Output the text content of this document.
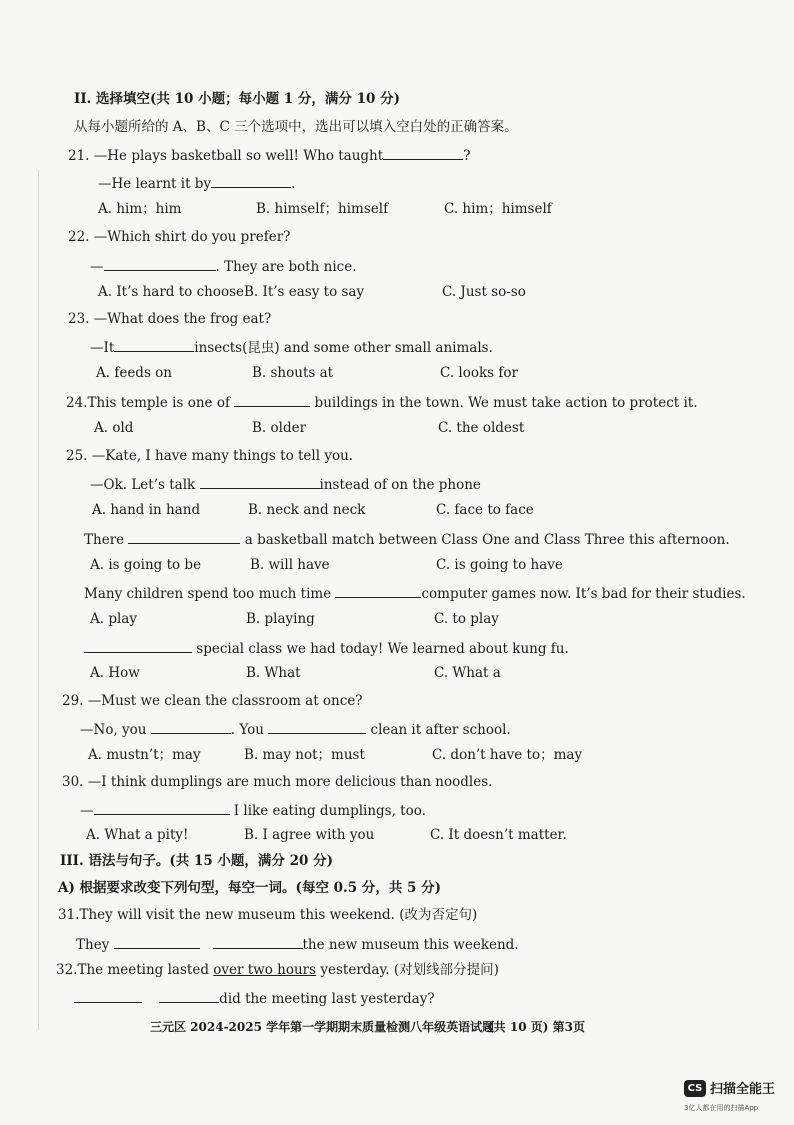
II. 选择填空(共 10 小题；每小题 1 分，满分 10 分)
从每小题所给的 A、B、C 三个选项中，选出可以填入空白处的正确答案。
21. —He plays basketball so well! Who taught	?
—He learnt it by	.
A. him；him	B. himself；himself	C. him；himself
22. —Which shirt do you prefer?
—	. They are both nice.
A. It’s hard to choose B. It’s easy to say	C. Just so-so
23. —What does the frog eat?
—It	insects(昆虫) and some other small animals.
A. feeds on	B. shouts at	C. looks for
24.This temple is one of	buildings in the town. We must take action to protect it.
A. old	B. older	C. the oldest
25. —Kate, I have many things to tell you.
—Ok. Let’s talk	instead of on the phone
A. hand in hand	B. neck and neck	C. face to face
There	a basketball match between Class One and Class Three this afternoon.
A. is going to be	B. will have	C. is going to have
Many children spend too much time	computer games now. It’s bad for their studies.
A. play	B. playing	C. to play
special class we had today! We learned about kung fu.
A. How	B. What	C. What a
29. —Must we clean the classroom at once?
—No, you	. You	clean it after school.
A. mustn’t；may	B. may not；must	C. don’t have to；may
30. —I think dumplings are much more delicious than noodles.
—	I like eating dumplings, too.
A. What a pity!	B. I agree with you	C. It doesn’t matter.
III. 语法与句子。(共 15 小题，满分 20 分)
A) 根据要求改变下列句型，每空一词。(每空 0.5 分，共 5 分)
31.They will visit the new museum this weekend. (改为否定句)
They	the new museum this weekend.
32.The meeting lasted over two hours yesterday. (对划线部分提问)
did the meeting last yesterday?
三元区 2024-2025 学年第一学期期末质量检测八年级英语试题
(共 10 页) 第3页
CS 扫描全能王
3亿人都在用的扫描App
